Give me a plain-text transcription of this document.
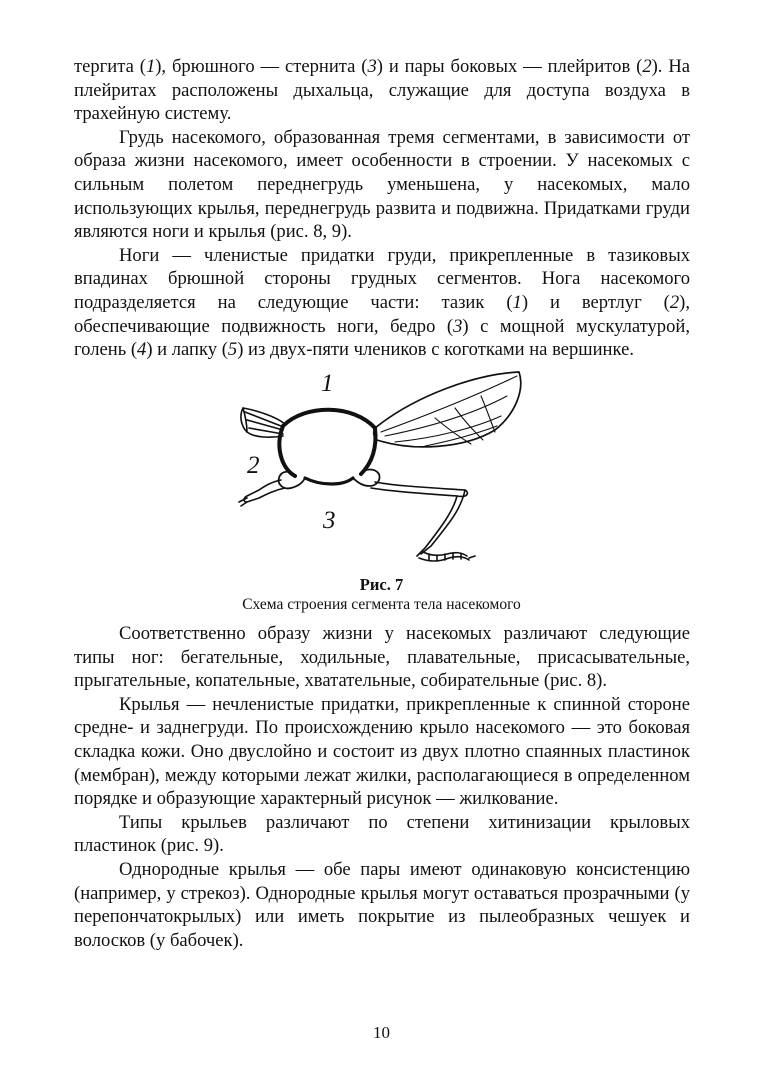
тергита (1), брюшного — стернита (3) и пары боковых — плейритов (2). На плейритах расположены дыхальца, служащие для доступа воздуха в трахейную систему.

Грудь насекомого, образованная тремя сегментами, в зависимости от образа жизни насекомого, имеет особенности в строении. У насекомых с сильным полетом переднегрудь уменьшена, у насекомых, мало использующих крылья, переднегрудь развита и подвижна. Придатками груди являются ноги и крылья (рис. 8, 9).

Ноги — членистые придатки груди, прикрепленные в тазиковых впадинах брюшной стороны грудных сегментов. Нога насекомого подразделяется на следующие части: тазик (1) и вертлуг (2), обеспечивающие подвижность ноги, бедро (3) с мощной мускулатурой, голень (4) и лапку (5) из двух-пяти члеников с коготками на вершинке.

1
2
3
Рис. 7
Схема строения сегмента тела насекомого

Соответственно образу жизни у насекомых различают следующие типы ног: бегательные, ходильные, плавательные, присасывательные, прыгательные, копательные, хватательные, собирательные (рис. 8).

Крылья — нечленистые придатки, прикрепленные к спинной стороне средне- и заднегруди. По происхождению крыло насекомого — это боковая складка кожи. Оно двуслойно и состоит из двух плотно спаянных пластинок (мембран), между которыми лежат жилки, располагающиеся в определенном порядке и образующие характерный рисунок — жилкование.

Типы крыльев различают по степени хитинизации крыловых пластинок (рис. 9).

Однородные крылья — обе пары имеют одинаковую консистенцию (например, у стрекоз). Однородные крылья могут оставаться прозрачными (у перепончатокрылых) или иметь покрытие из пылеобразных чешуек и волосков (у бабочек).

10
